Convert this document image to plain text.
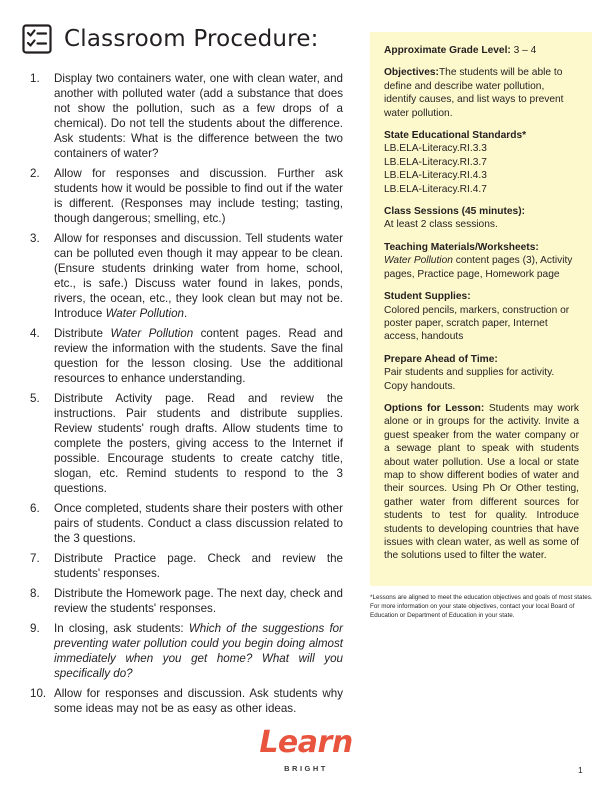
Classroom Procedure:
1.	Display two containers water, one with clean water, and another with polluted water (add a substance that does not show the pollution, such as a few drops of a chemical). Do not tell the students about the difference. Ask students: What is the difference between the two containers of water?
2.	Allow for responses and discussion. Further ask students how it would be possible to find out if the water is different. (Responses may include testing; tasting, though dangerous; smelling, etc.)
3.	Allow for responses and discussion. Tell students water can be polluted even though it may appear to be clean. (Ensure students drinking water from home, school, etc., is safe.) Discuss water found in lakes, ponds, rivers, the ocean, etc., they look clean but may not be. Introduce Water Pollution.
4.	Distribute Water Pollution content pages. Read and review the information with the students. Save the final question for the lesson closing. Use the additional resources to enhance understanding.
5.	Distribute Activity page. Read and review the instructions. Pair students and distribute supplies. Review students' rough drafts. Allow students time to complete the posters, giving access to the Internet if possible. Encourage students to create catchy title, slogan, etc. Remind students to respond to the 3 questions.
6.	Once completed, students share their posters with other pairs of students. Conduct a class discussion related to the 3 questions.
7.	Distribute Practice page. Check and review the students' responses.
8.	Distribute the Homework page. The next day, check and review the students' responses.
9.	In closing, ask students: Which of the suggestions for preventing water pollution could you begin doing almost immediately when you get home? What will you specifically do?
10. Allow for responses and discussion. Ask students why some ideas may not be as easy as other ideas.
Approximate Grade Level: 3 – 4
Objectives:The students will be able to define and describe water pollution, identify causes, and list ways to prevent water pollution.
State Educational Standards*
LB.ELA-Literacy.RI.3.3
LB.ELA-Literacy.RI.3.7
LB.ELA-Literacy.RI.4.3
LB.ELA-Literacy.RI.4.7
Class Sessions (45 minutes):
At least 2 class sessions.
Teaching Materials/Worksheets:
Water Pollution content pages (3), Activity pages, Practice page, Homework page
Student Supplies:
Colored pencils, markers, construction or poster paper, scratch paper, Internet access, handouts
Prepare Ahead of Time:
Pair students and supplies for activity.
Copy handouts.
Options for Lesson: Students may work alone or in groups for the activity. Invite a guest speaker from the water company or a sewage plant to speak with students about water pollution. Use a local or state map to show different bodies of water and their sources. Using Ph Or Other testing, gather water from different sources for students to test for quality. Introduce students to developing countries that have issues with clean water, as well as some of the solutions used to filter the water.
*Lessons are aligned to meet the education objectives and goals of most states. For more information on your state objectives, contact your local Board of Education or Department of Education in your state.
Learn
BRIGHT	1
